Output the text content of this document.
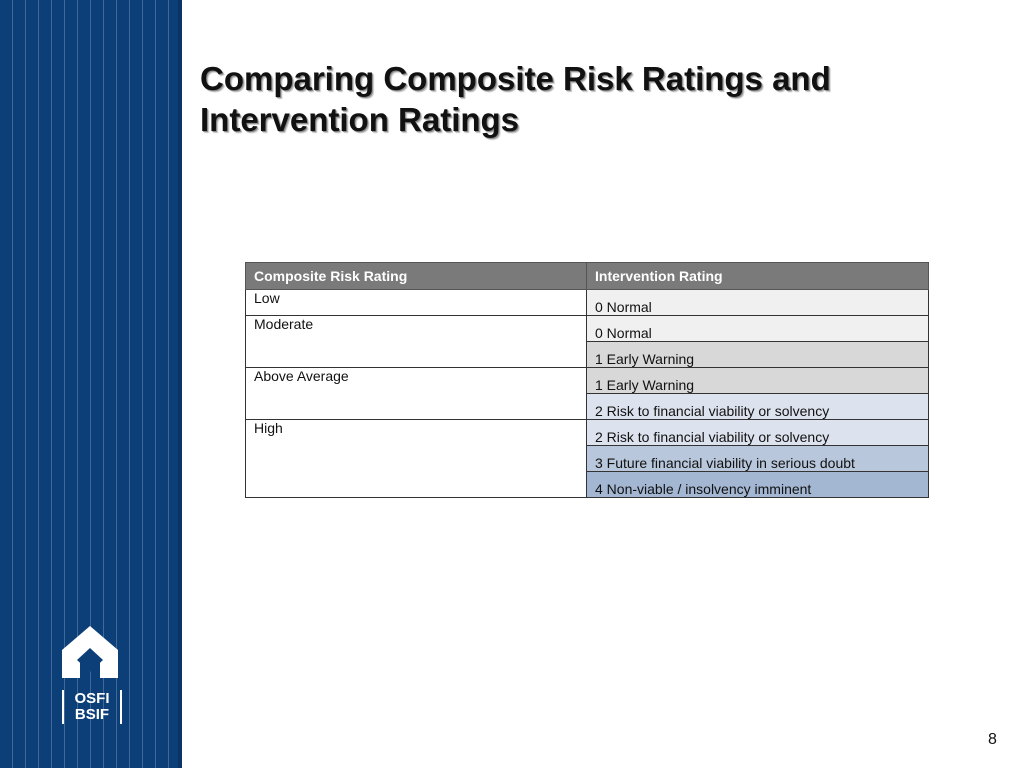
OSFI
BSIF
Comparing Composite Risk Ratings and
Intervention Ratings
Composite Risk Rating	Intervention Rating
Low	0 Normal
Moderate	0 Normal
	1 Early Warning
Above Average	1 Early Warning
	2 Risk to financial viability or solvency
High	2 Risk to financial viability or solvency
	3 Future financial viability in serious doubt
	4 Non-viable / insolvency imminent
8
